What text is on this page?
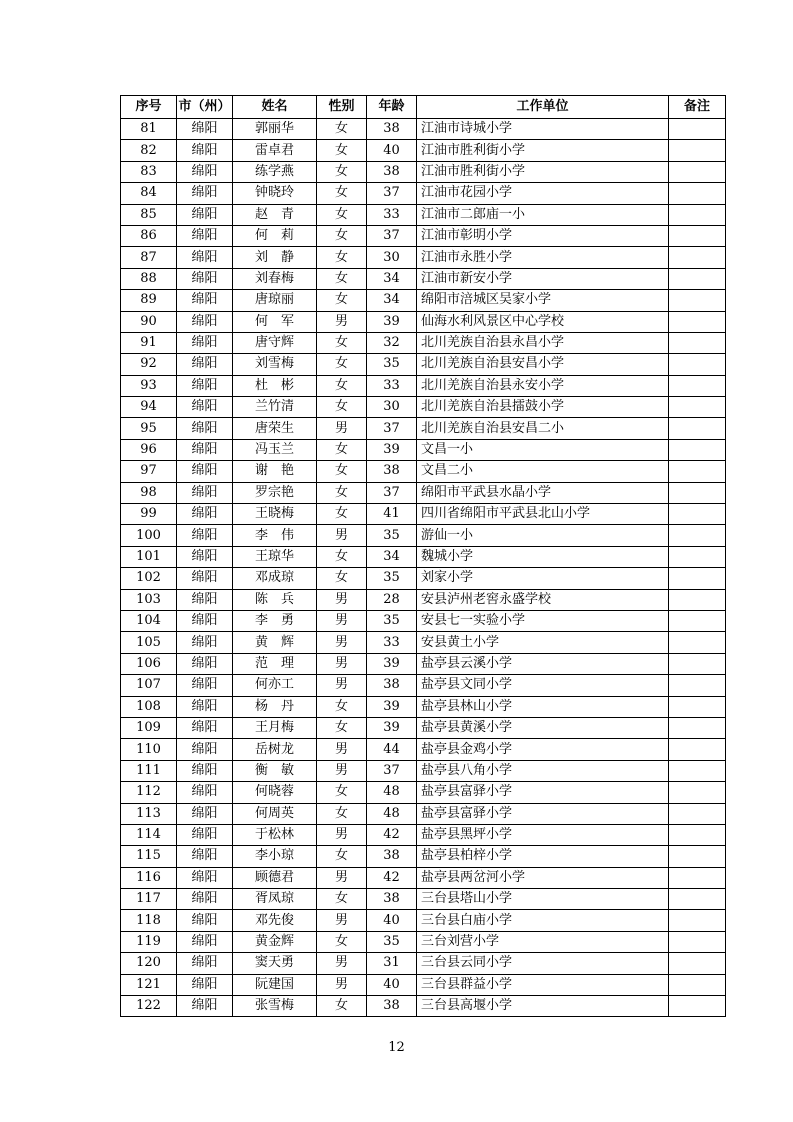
序号	市（州）	姓名	性别	年龄	工作单位	备注
81	绵阳	郭丽华	女	38	江油市诗城小学	
82	绵阳	雷卓君	女	40	江油市胜利街小学	
83	绵阳	练学燕	女	38	江油市胜利街小学	
84	绵阳	钟晓玲	女	37	江油市花园小学	
85	绵阳	赵　青	女	33	江油市二郎庙一小	
86	绵阳	何　莉	女	37	江油市彰明小学	
87	绵阳	刘　静	女	30	江油市永胜小学	
88	绵阳	刘春梅	女	34	江油市新安小学	
89	绵阳	唐琼丽	女	34	绵阳市涪城区吴家小学	
90	绵阳	何　军	男	39	仙海水利风景区中心学校	
91	绵阳	唐守辉	女	32	北川羌族自治县永昌小学	
92	绵阳	刘雪梅	女	35	北川羌族自治县安昌小学	
93	绵阳	杜　彬	女	33	北川羌族自治县永安小学	
94	绵阳	兰竹清	女	30	北川羌族自治县擂鼓小学	
95	绵阳	唐荣生	男	37	北川羌族自治县安昌二小	
96	绵阳	冯玉兰	女	39	文昌一小	
97	绵阳	谢　艳	女	38	文昌二小	
98	绵阳	罗宗艳	女	37	绵阳市平武县水晶小学	
99	绵阳	王晓梅	女	41	四川省绵阳市平武县北山小学	
100	绵阳	李　伟	男	35	游仙一小	
101	绵阳	王琼华	女	34	魏城小学	
102	绵阳	邓成琼	女	35	刘家小学	
103	绵阳	陈　兵	男	28	安县泸州老窖永盛学校	
104	绵阳	李　勇	男	35	安县七一实验小学	
105	绵阳	黄　辉	男	33	安县黄土小学	
106	绵阳	范　理	男	39	盐亭县云溪小学	
107	绵阳	何亦工	男	38	盐亭县文同小学	
108	绵阳	杨　丹	女	39	盐亭县林山小学	
109	绵阳	王月梅	女	39	盐亭县黄溪小学	
110	绵阳	岳树龙	男	44	盐亭县金鸡小学	
111	绵阳	衡　敏	男	37	盐亭县八角小学	
112	绵阳	何晓蓉	女	48	盐亭县富驿小学	
113	绵阳	何周英	女	48	盐亭县富驿小学	
114	绵阳	于松林	男	42	盐亭县黑坪小学	
115	绵阳	李小琼	女	38	盐亭县柏梓小学	
116	绵阳	顾德君	男	42	盐亭县两岔河小学	
117	绵阳	胥凤琼	女	38	三台县塔山小学	
118	绵阳	邓先俊	男	40	三台县白庙小学	
119	绵阳	黄金辉	女	35	三台刘营小学	
120	绵阳	窦天勇	男	31	三台县云同小学	
121	绵阳	阮建国	男	40	三台县群益小学	
122	绵阳	张雪梅	女	38	三台县高堰小学	
12
